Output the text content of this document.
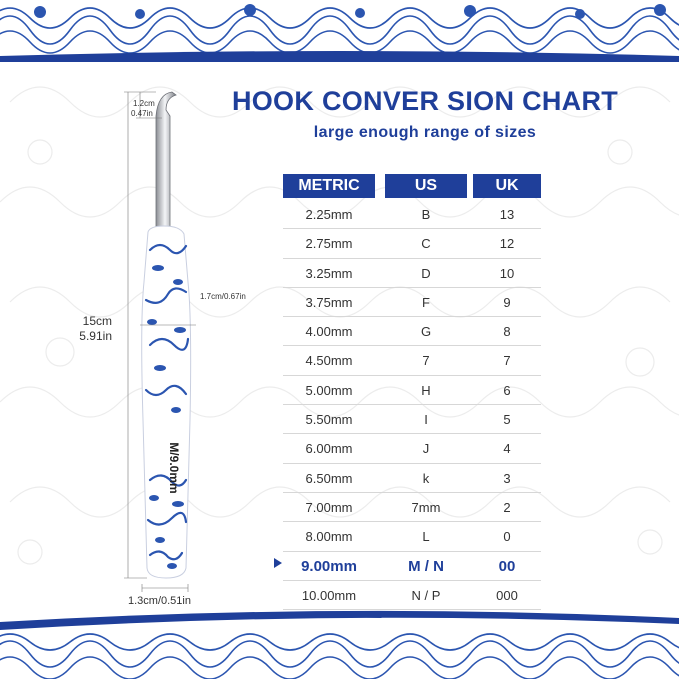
M/9.0mm
1.2cm
0.47in
1.7cm/0.67in
15cm
5.91in
1.3cm/0.51in
HOOK CONVER SION CHART
large enough range of sizes
METRIC	US	UK
2.25mm	B	13
2.75mm	C	12
3.25mm	D	10
3.75mm	F	9
4.00mm	G	8
4.50mm	7	7
5.00mm	H	6
5.50mm	I	5
6.00mm	J	4
6.50mm	k	3
7.00mm	7mm	2
8.00mm	L	0
9.00mm	M / N	00
10.00mm	N / P	000
